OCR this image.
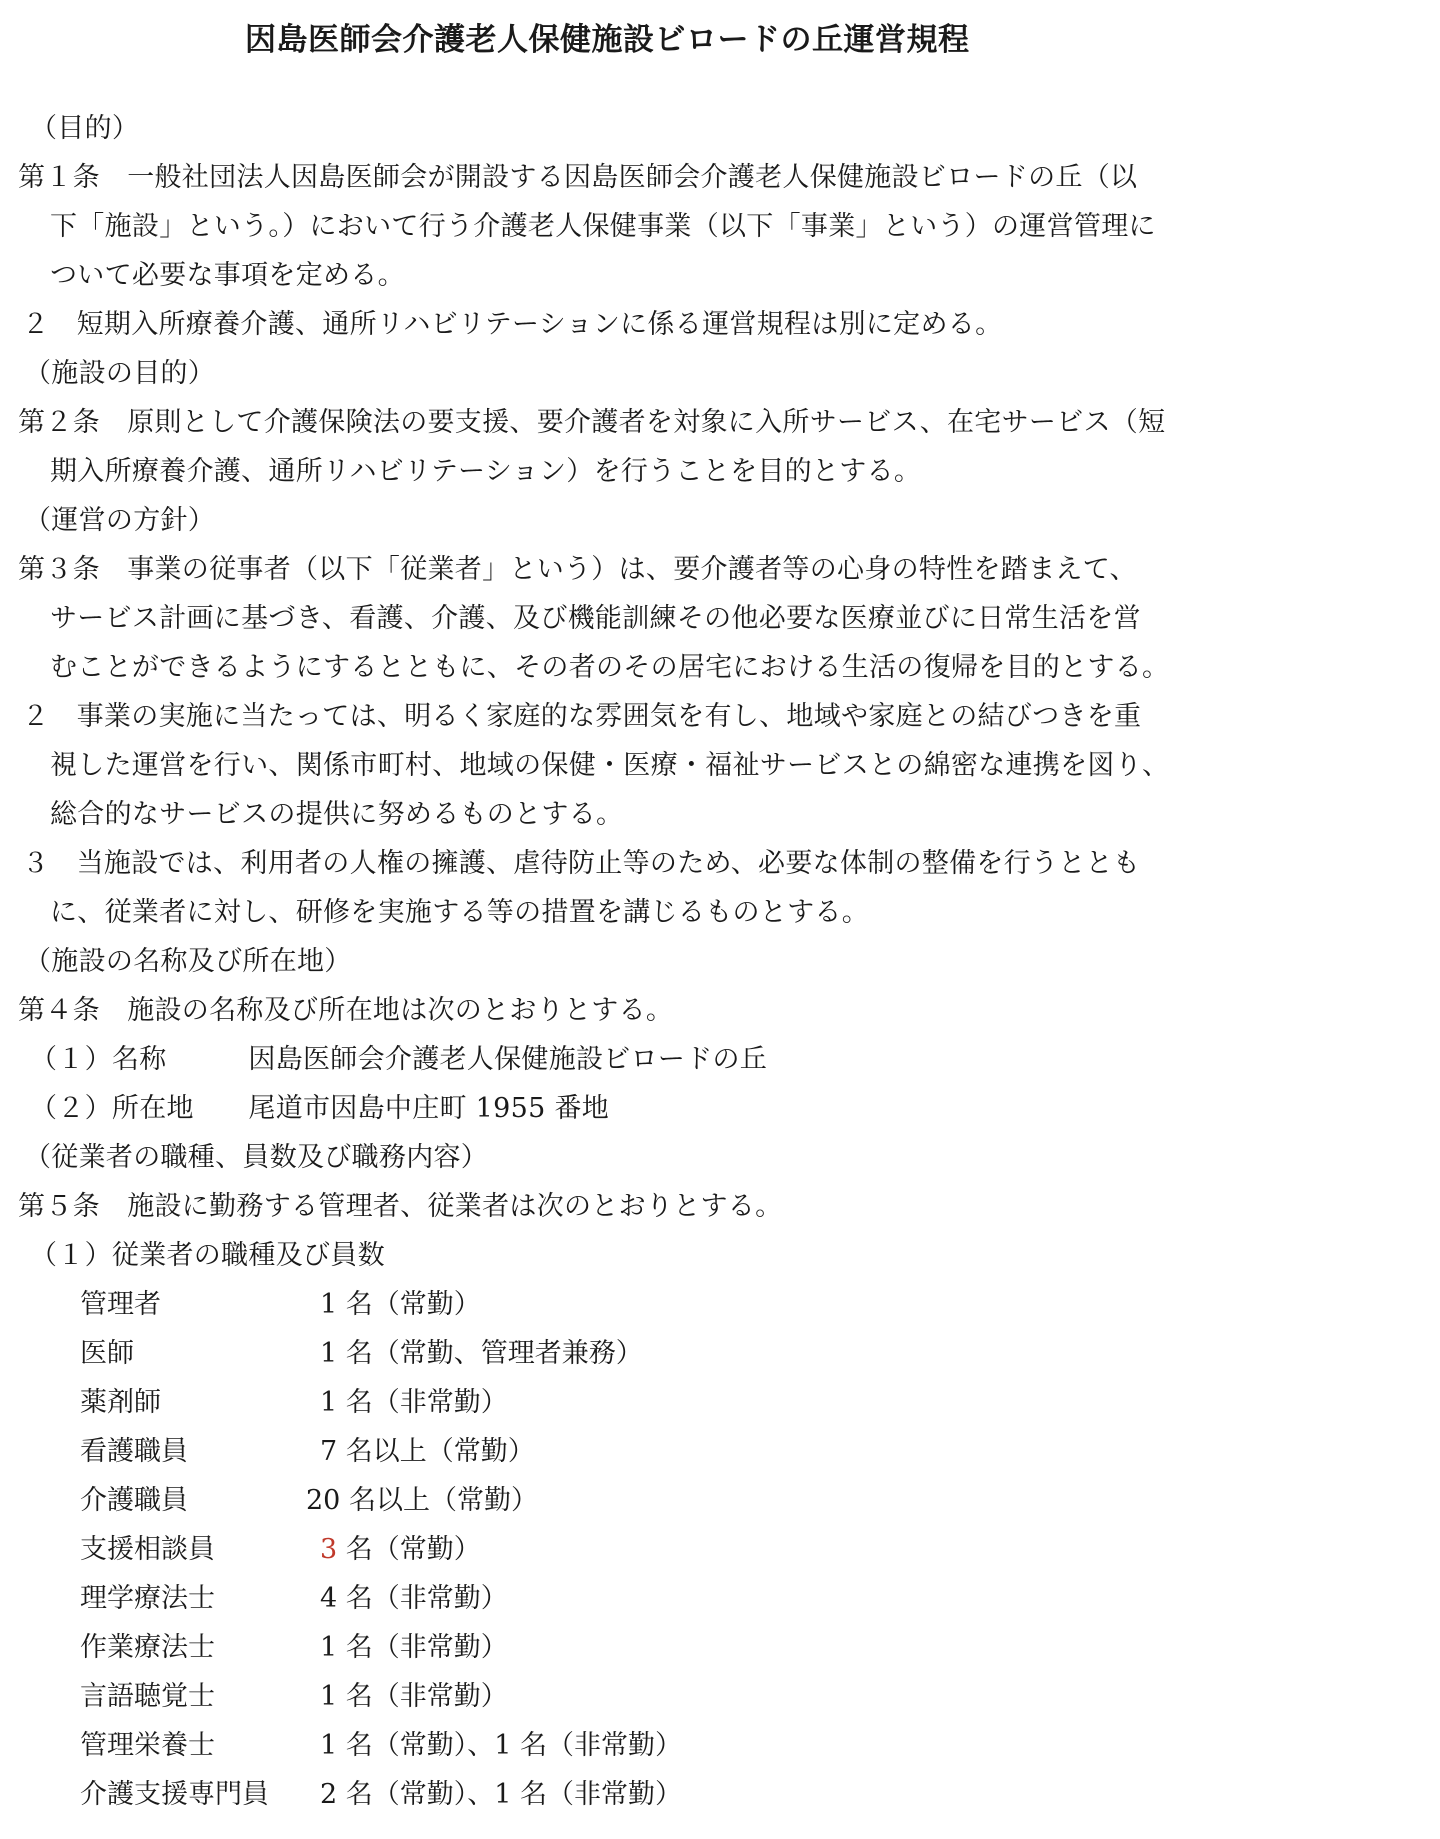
因島医師会介護老人保健施設ビロードの丘運営規程
（目的）
第１条　一般社団法人因島医師会が開設する因島医師会介護老人保健施設ビロードの丘（以
下「施設」という。）において行う介護老人保健事業（以下「事業」という）の運営管理に
ついて必要な事項を定める。
２　短期入所療養介護、通所リハビリテーションに係る運営規程は別に定める。
（施設の目的）
第２条　原則として介護保険法の要支援、要介護者を対象に入所サービス、在宅サービス（短
期入所療養介護、通所リハビリテーション）を行うことを目的とする。
（運営の方針）
第３条　事業の従事者（以下「従業者」という）は、要介護者等の心身の特性を踏まえて、
サービス計画に基づき、看護、介護、及び機能訓練その他必要な医療並びに日常生活を営
むことができるようにするとともに、その者のその居宅における生活の復帰を目的とする。
２　事業の実施に当たっては、明るく家庭的な雰囲気を有し、地域や家庭との結びつきを重
視した運営を行い、関係市町村、地域の保健・医療・福祉サービスとの綿密な連携を図り、
総合的なサービスの提供に努めるものとする。
３　当施設では、利用者の人権の擁護、虐待防止等のため、必要な体制の整備を行うととも
に、従業者に対し、研修を実施する等の措置を講じるものとする。
（施設の名称及び所在地）
第４条　施設の名称及び所在地は次のとおりとする。
（１）名称　　　因島医師会介護老人保健施設ビロードの丘
（２）所在地　　尾道市因島中庄町 1955 番地
（従業者の職種、員数及び職務内容）
第５条　施設に勤務する管理者、従業者は次のとおりとする。
（１）従業者の職種及び員数
管理者	1 名（常勤）
医師	1 名（常勤、管理者兼務）
薬剤師	1 名（非常勤）
看護職員	7 名以上（常勤）
介護職員	20 名以上（常勤）
支援相談員	3 名（常勤）
理学療法士	4 名（非常勤）
作業療法士	1 名（非常勤）
言語聴覚士	1 名（非常勤）
管理栄養士	1 名（常勤）、1 名（非常勤）
介護支援専門員 2 名（常勤）、1 名（非常勤）
